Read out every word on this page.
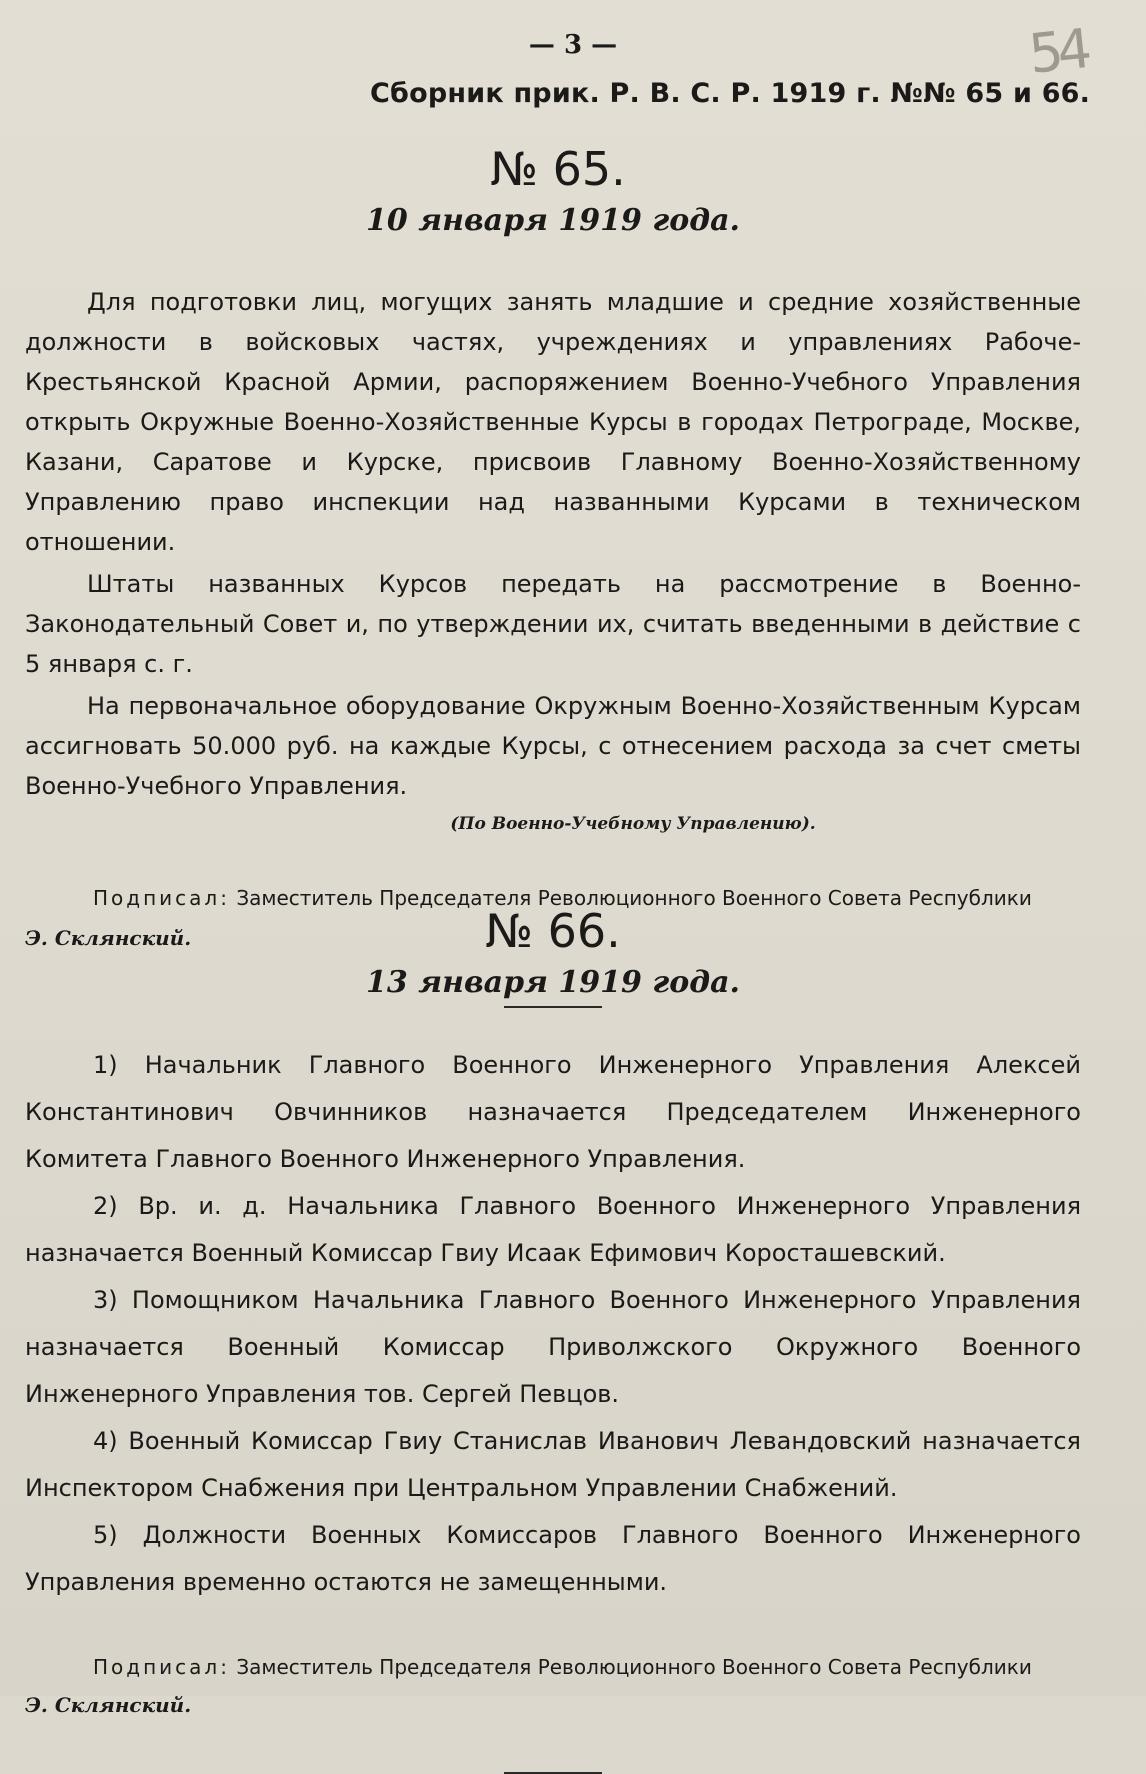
54
— 3 —
Сборник прик. Р. В. С. Р. 1919 г. №№ 65 и 66.
№ 65.
10 января 1919 года.

Для подготовки лиц, могущих занять младшие и средние хозяйственные должности в войсковых частях, учреждениях и управлениях Рабоче-Крестьянской Красной Армии, распоряжением Военно-Учебного Управления открыть Окружные Военно-Хозяйственные Курсы в городах Петрограде, Москве, Казани, Саратове и Курске, присвоив Главному Военно-Хозяйственному Управлению право инспекции над названными Курсами в техническом отношении.

Штаты названных Курсов передать на рассмотрение в Военно-Законодательный Совет и, по утверждении их, считать введенными в действие с 5 января с. г.

На первоначальное оборудование Окружным Военно-Хозяйственным Курсам ассигновать 50.000 руб. на каждые Курсы, с отнесением расхода за счет сметы Военно-Учебного Управления.

(По Военно-Учебному Управлению).
Подписал: Заместитель Председателя Революционного Военного Совета Республики
Э. Склянский.	№ 66.
13 января 1919 года.

1) Начальник Главного Военного Инженерного Управления Алексей Константинович Овчинников назначается Председателем Инженерного Комитета Главного Военного Инженерного Управления.

2) Вр. и. д. Начальника Главного Военного Инженерного Управления назначается Военный Комиссар Гвиу Исаак Ефимович Коросташевский.

3) Помощником Начальника Главного Военного Инженерного Управления назначается Военный Комиссар Приволжского Окружного Военного Инженерного Управления тов. Сергей Певцов.

4) Военный Комиссар Гвиу Станислав Иванович Левандовский назначается Инспектором Снабжения при Центральном Управлении Снабжений.

5) Должности Военных Комиссаров Главного Военного Инженерного Управления временно остаются не замещенными.

Подписал: Заместитель Председателя Революционного Военного Совета Республики
Э. Склянский.
